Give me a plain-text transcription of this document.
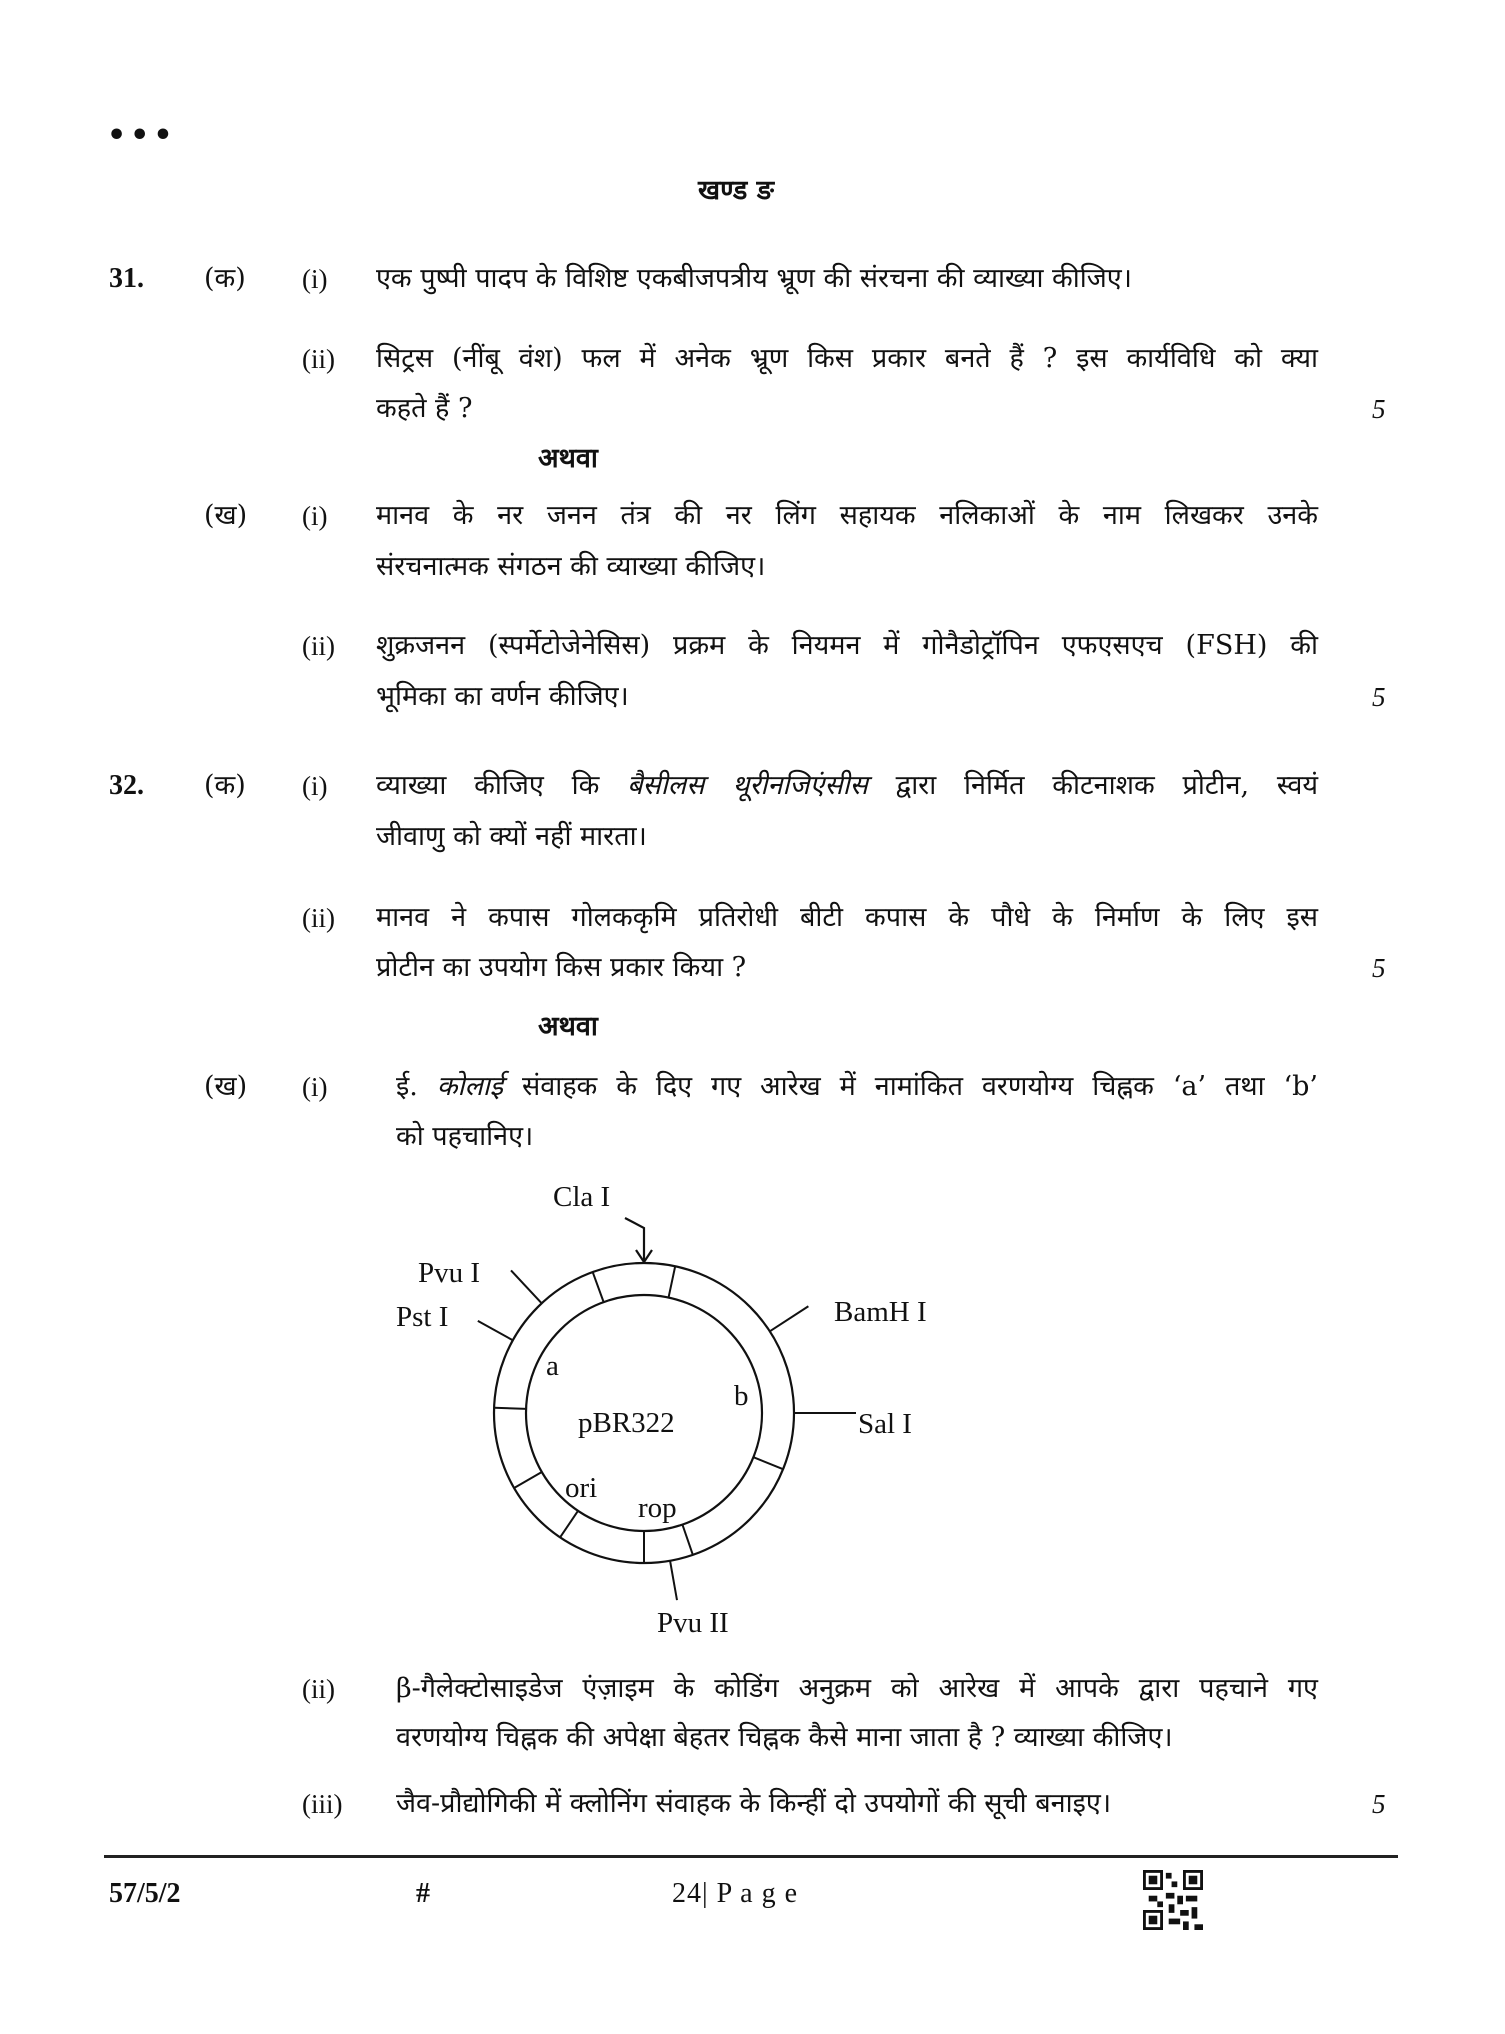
•••
खण्ड ङ
31. (क) (i) एक पुष्पी पादप के विशिष्ट एकबीजपत्रीय भ्रूण की संरचना की व्याख्या कीजिए।
(ii) सिट्रस (नींबू वंश) फल में अनेक भ्रूण किस प्रकार बनते हैं ? इस कार्यविधि को क्या
कहते हैं ?	5
अथवा
(ख) (i) मानव के नर जनन तंत्र की नर लिंग सहायक नलिकाओं के नाम लिखकर उनके
संरचनात्मक संगठन की व्याख्या कीजिए।
(ii) शुक्रजनन (स्पर्मेटोजेनेसिस) प्रक्रम के नियमन में गोनैडोट्रॉपिन एफएसएच (FSH) की
भूमिका का वर्णन कीजिए।	5
32. (क) (i) व्याख्या कीजिए कि बैसीलस थूरीनजिएंसीस द्वारा निर्मित कीटनाशक प्रोटीन, स्वयं
जीवाणु को क्यों नहीं मारता।
(ii) मानव ने कपास गोलककृमि प्रतिरोधी बीटी कपास के पौधे के निर्माण के लिए इस
प्रोटीन का उपयोग किस प्रकार किया ?	5
अथवा
(ख) (i)	ई. कोलाई संवाहक के दिए गए आरेख में नामांकित वरणयोग्य चिह्नक ‘a’ तथा ‘b’
को पहचानिए।
Cla I
Pvu I
Pst I	BamH I
Sal I
Pvu II
a
b
pBR322
ori
rop
(ii) β-गैलेक्टोसाइडेज एंज़ाइम के कोडिंग अनुक्रम को आरेख में आपके द्वारा पहचाने गए
वरणयोग्य चिह्नक की अपेक्षा बेहतर चिह्नक कैसे माना जाता है ? व्याख्या कीजिए।
(iii) जैव-प्रौद्योगिकी में क्लोनिंग संवाहक के किन्हीं दो उपयोगों की सूची बनाइए।	5
57/5/2	#	24| P a g e
